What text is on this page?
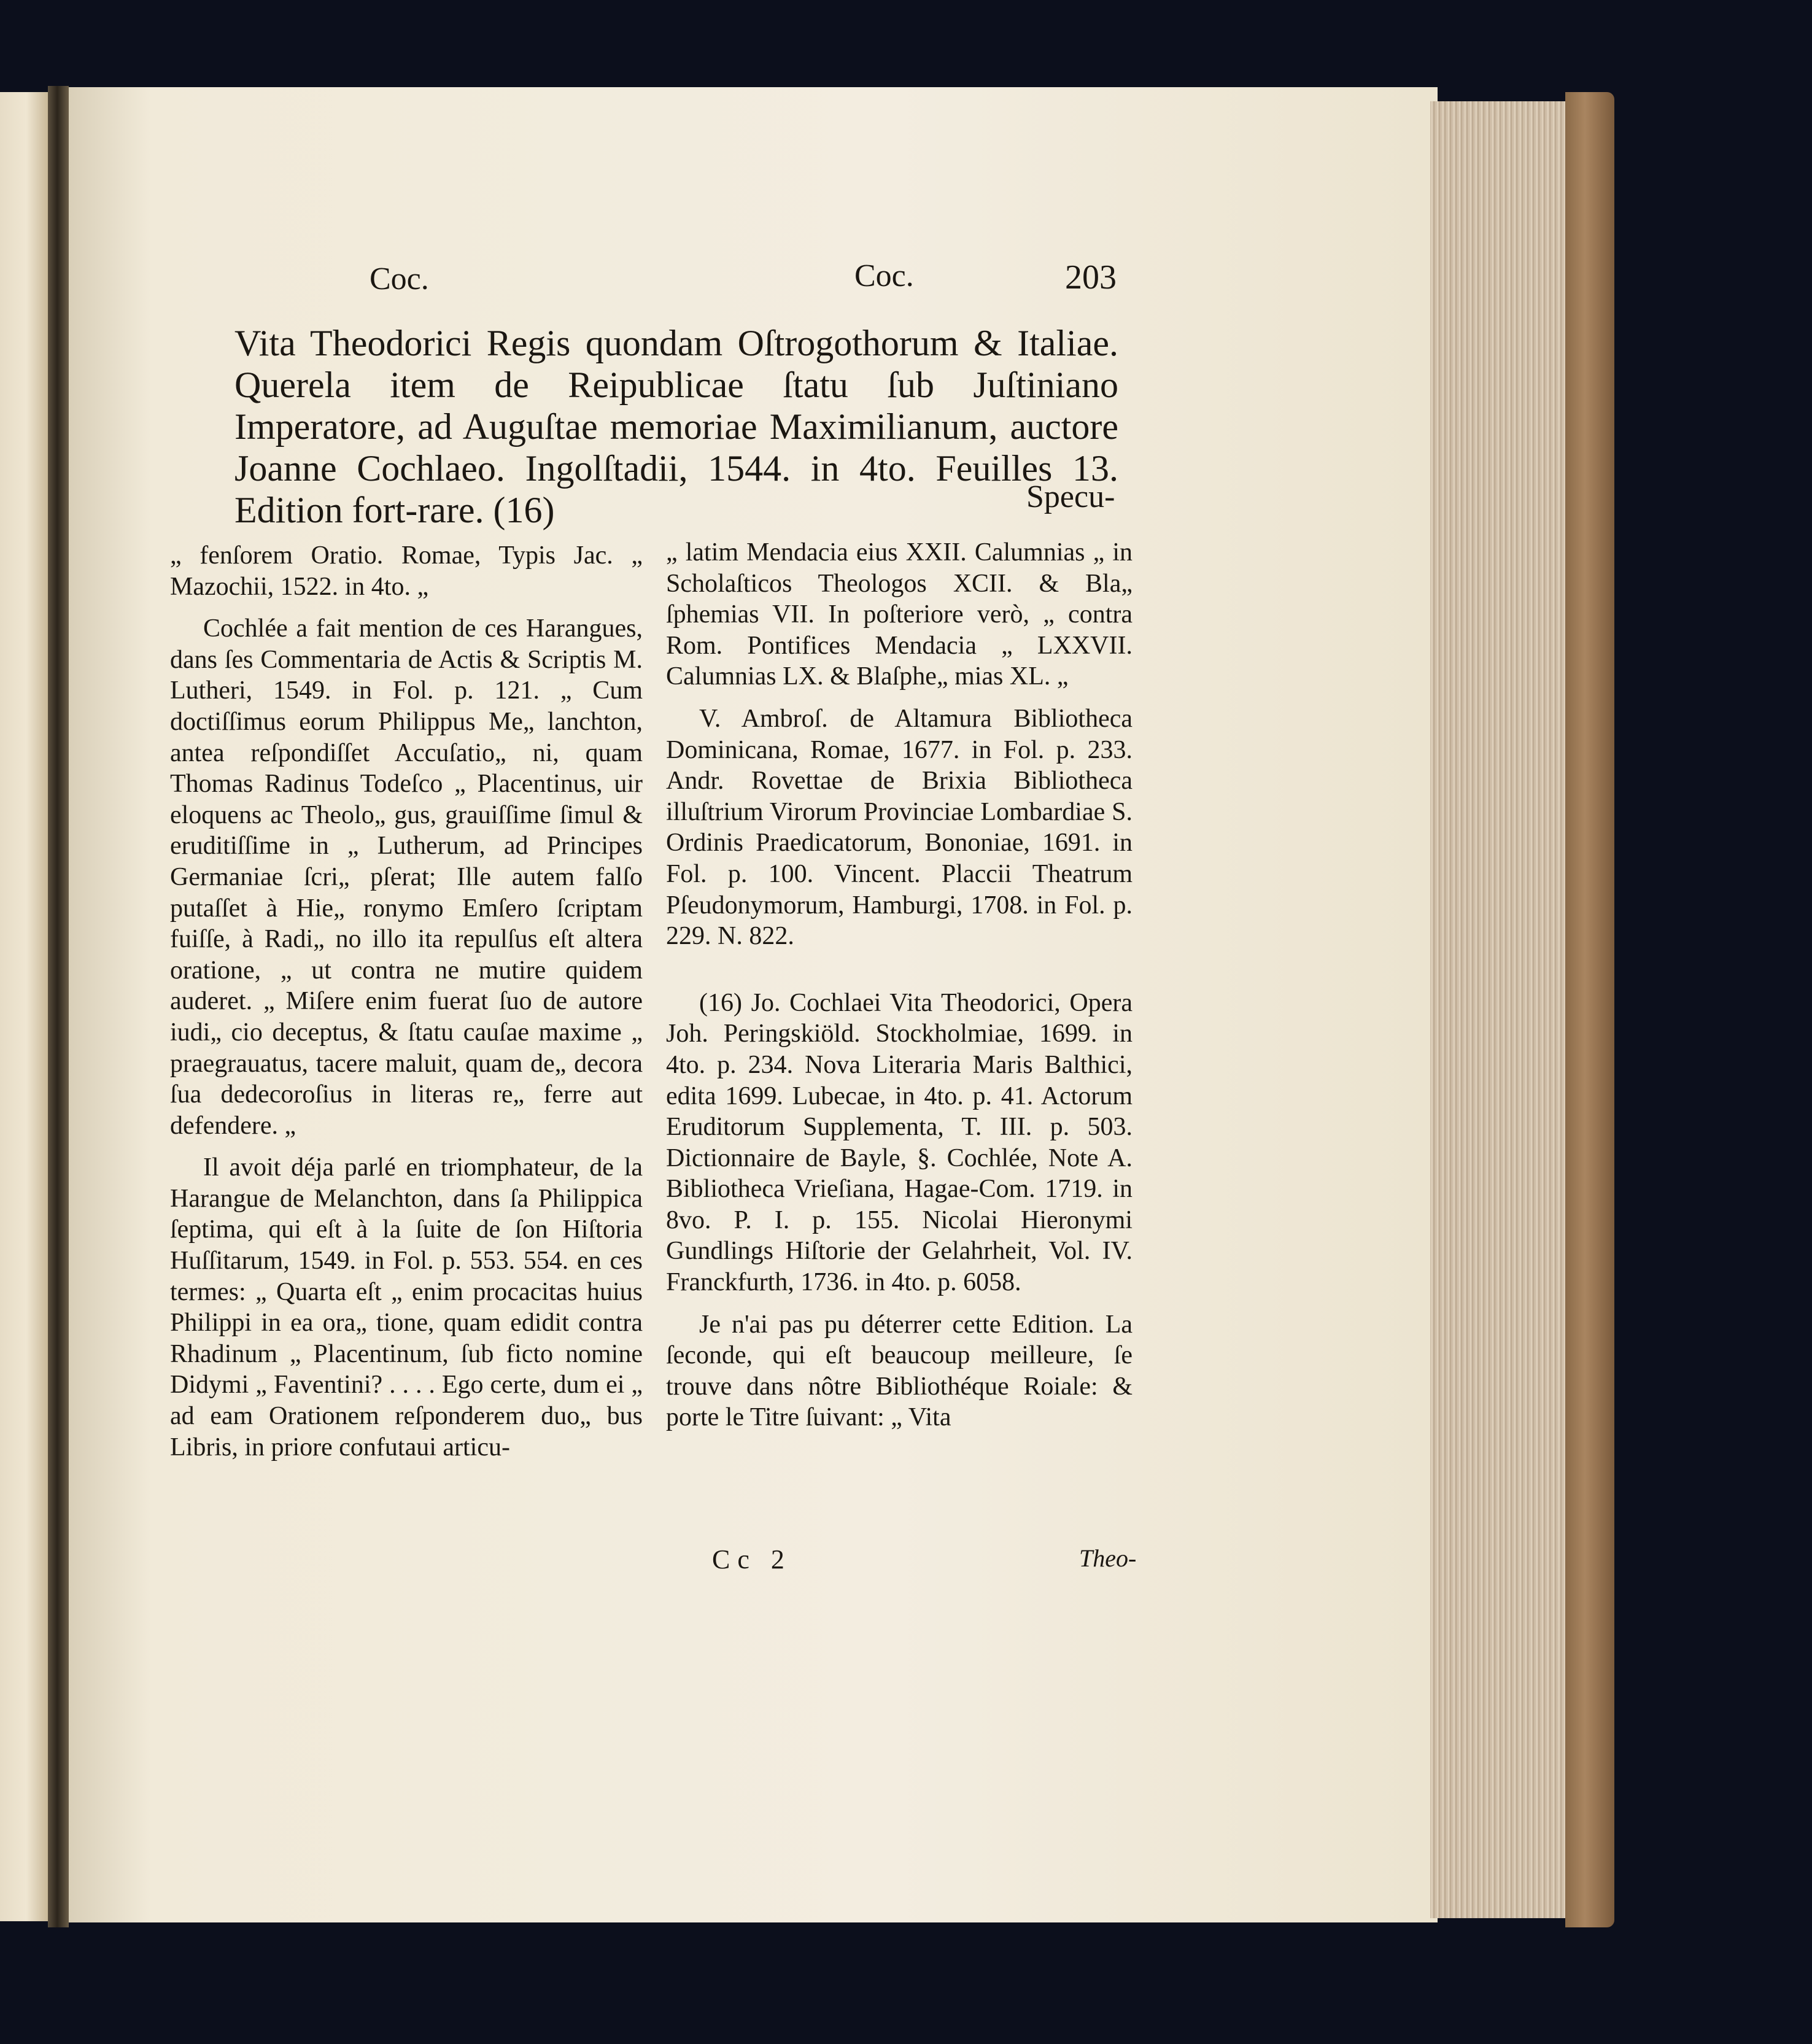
Coc.	Coc.	203
Vita Theodorici Regis quondam Oſtrogothorum & Italiae. Querela item de Reipublicae ſtatu ſub Juſtiniano Imperatore, ad Auguſtae memoriae Maximilianum, auctore Joanne Cochlaeo. Ingolſtadii, 1544. in 4to. Feuilles 13. Edition fort-rare. (16)	Specu-

„ fenſorem Oratio. Romae, Typis Jac. „ Mazochii, 1522. in 4to. „

Cochlée a fait mention de ces Harangues, dans ſes Commentaria de Actis & Scriptis M. Lutheri, 1549. in Fol. p. 121. „ Cum doctiſſimus eorum Philippus Me„ lanchton, antea reſpondiſſet Accuſatio„ ni, quam Thomas Radinus Todeſco „ Placentinus, uir eloquens ac Theolo„ gus, grauiſſime ſimul & eruditiſſime in „ Lutherum, ad Principes Germaniae ſcri„ pſerat; Ille autem falſo putaſſet à Hie„ ronymo Emſero ſcriptam fuiſſe, à Radi„ no illo ita repulſus eſt altera oratione, „ ut contra ne mutire quidem auderet. „ Miſere enim fuerat ſuo de autore iudi„ cio deceptus, & ſtatu cauſae maxime „ praegrauatus, tacere maluit, quam de„ decora ſua dedecoroſius in literas re„ ferre aut defendere. „

Il avoit déja parlé en triomphateur, de la Harangue de Melanchton, dans ſa Philippica ſeptima, qui eſt à la ſuite de ſon Hiſtoria Huſſitarum, 1549. in Fol. p. 553. 554. en ces termes: „ Quarta eſt „ enim procacitas huius Philippi in ea ora„ tione, quam edidit contra Rhadinum „ Placentinum, ſub ficto nomine Didymi „ Faventini? . . . . Ego certe, dum ei „ ad eam Orationem reſponderem duo„ bus Libris, in priore confutaui articu-

„ latim Mendacia eius XXII. Calumnias „ in Scholaſticos Theologos XCII. & Bla„ ſphemias VII. In poſteriore verò, „ contra Rom. Pontifices Mendacia „ LXXVII. Calumnias LX. & Blaſphe„ mias XL. „

V. Ambroſ. de Altamura Bibliotheca Dominicana, Romae, 1677. in Fol. p. 233. Andr. Rovettae de Brixia Bibliotheca illuſtrium Virorum Provinciae Lombardiae S. Ordinis Praedicatorum, Bononiae, 1691. in Fol. p. 100. Vincent. Placcii Theatrum Pſeudonymorum, Hamburgi, 1708. in Fol. p. 229. N. 822.

(16) Jo. Cochlaei Vita Theodorici, Opera Joh. Peringskiöld. Stockholmiae, 1699. in 4to. p. 234. Nova Literaria Maris Balthici, edita 1699. Lubecae, in 4to. p. 41. Actorum Eruditorum Supplementa, T. III. p. 503. Dictionnaire de Bayle, §. Cochlée, Note A. Bibliotheca Vrieſiana, Hagae-Com. 1719. in 8vo. P. I. p. 155. Nicolai Hieronymi Gundlings Hiſtorie der Gelahrheit, Vol. IV. Franckfurth, 1736. in 4to. p. 6058.

Je n'ai pas pu déterrer cette Edition. La ſeconde, qui eſt beaucoup meilleure, ſe trouve dans nôtre Bibliothéque Roiale: & porte le Titre ſuivant: „ Vita

Cc 2	Theo-
